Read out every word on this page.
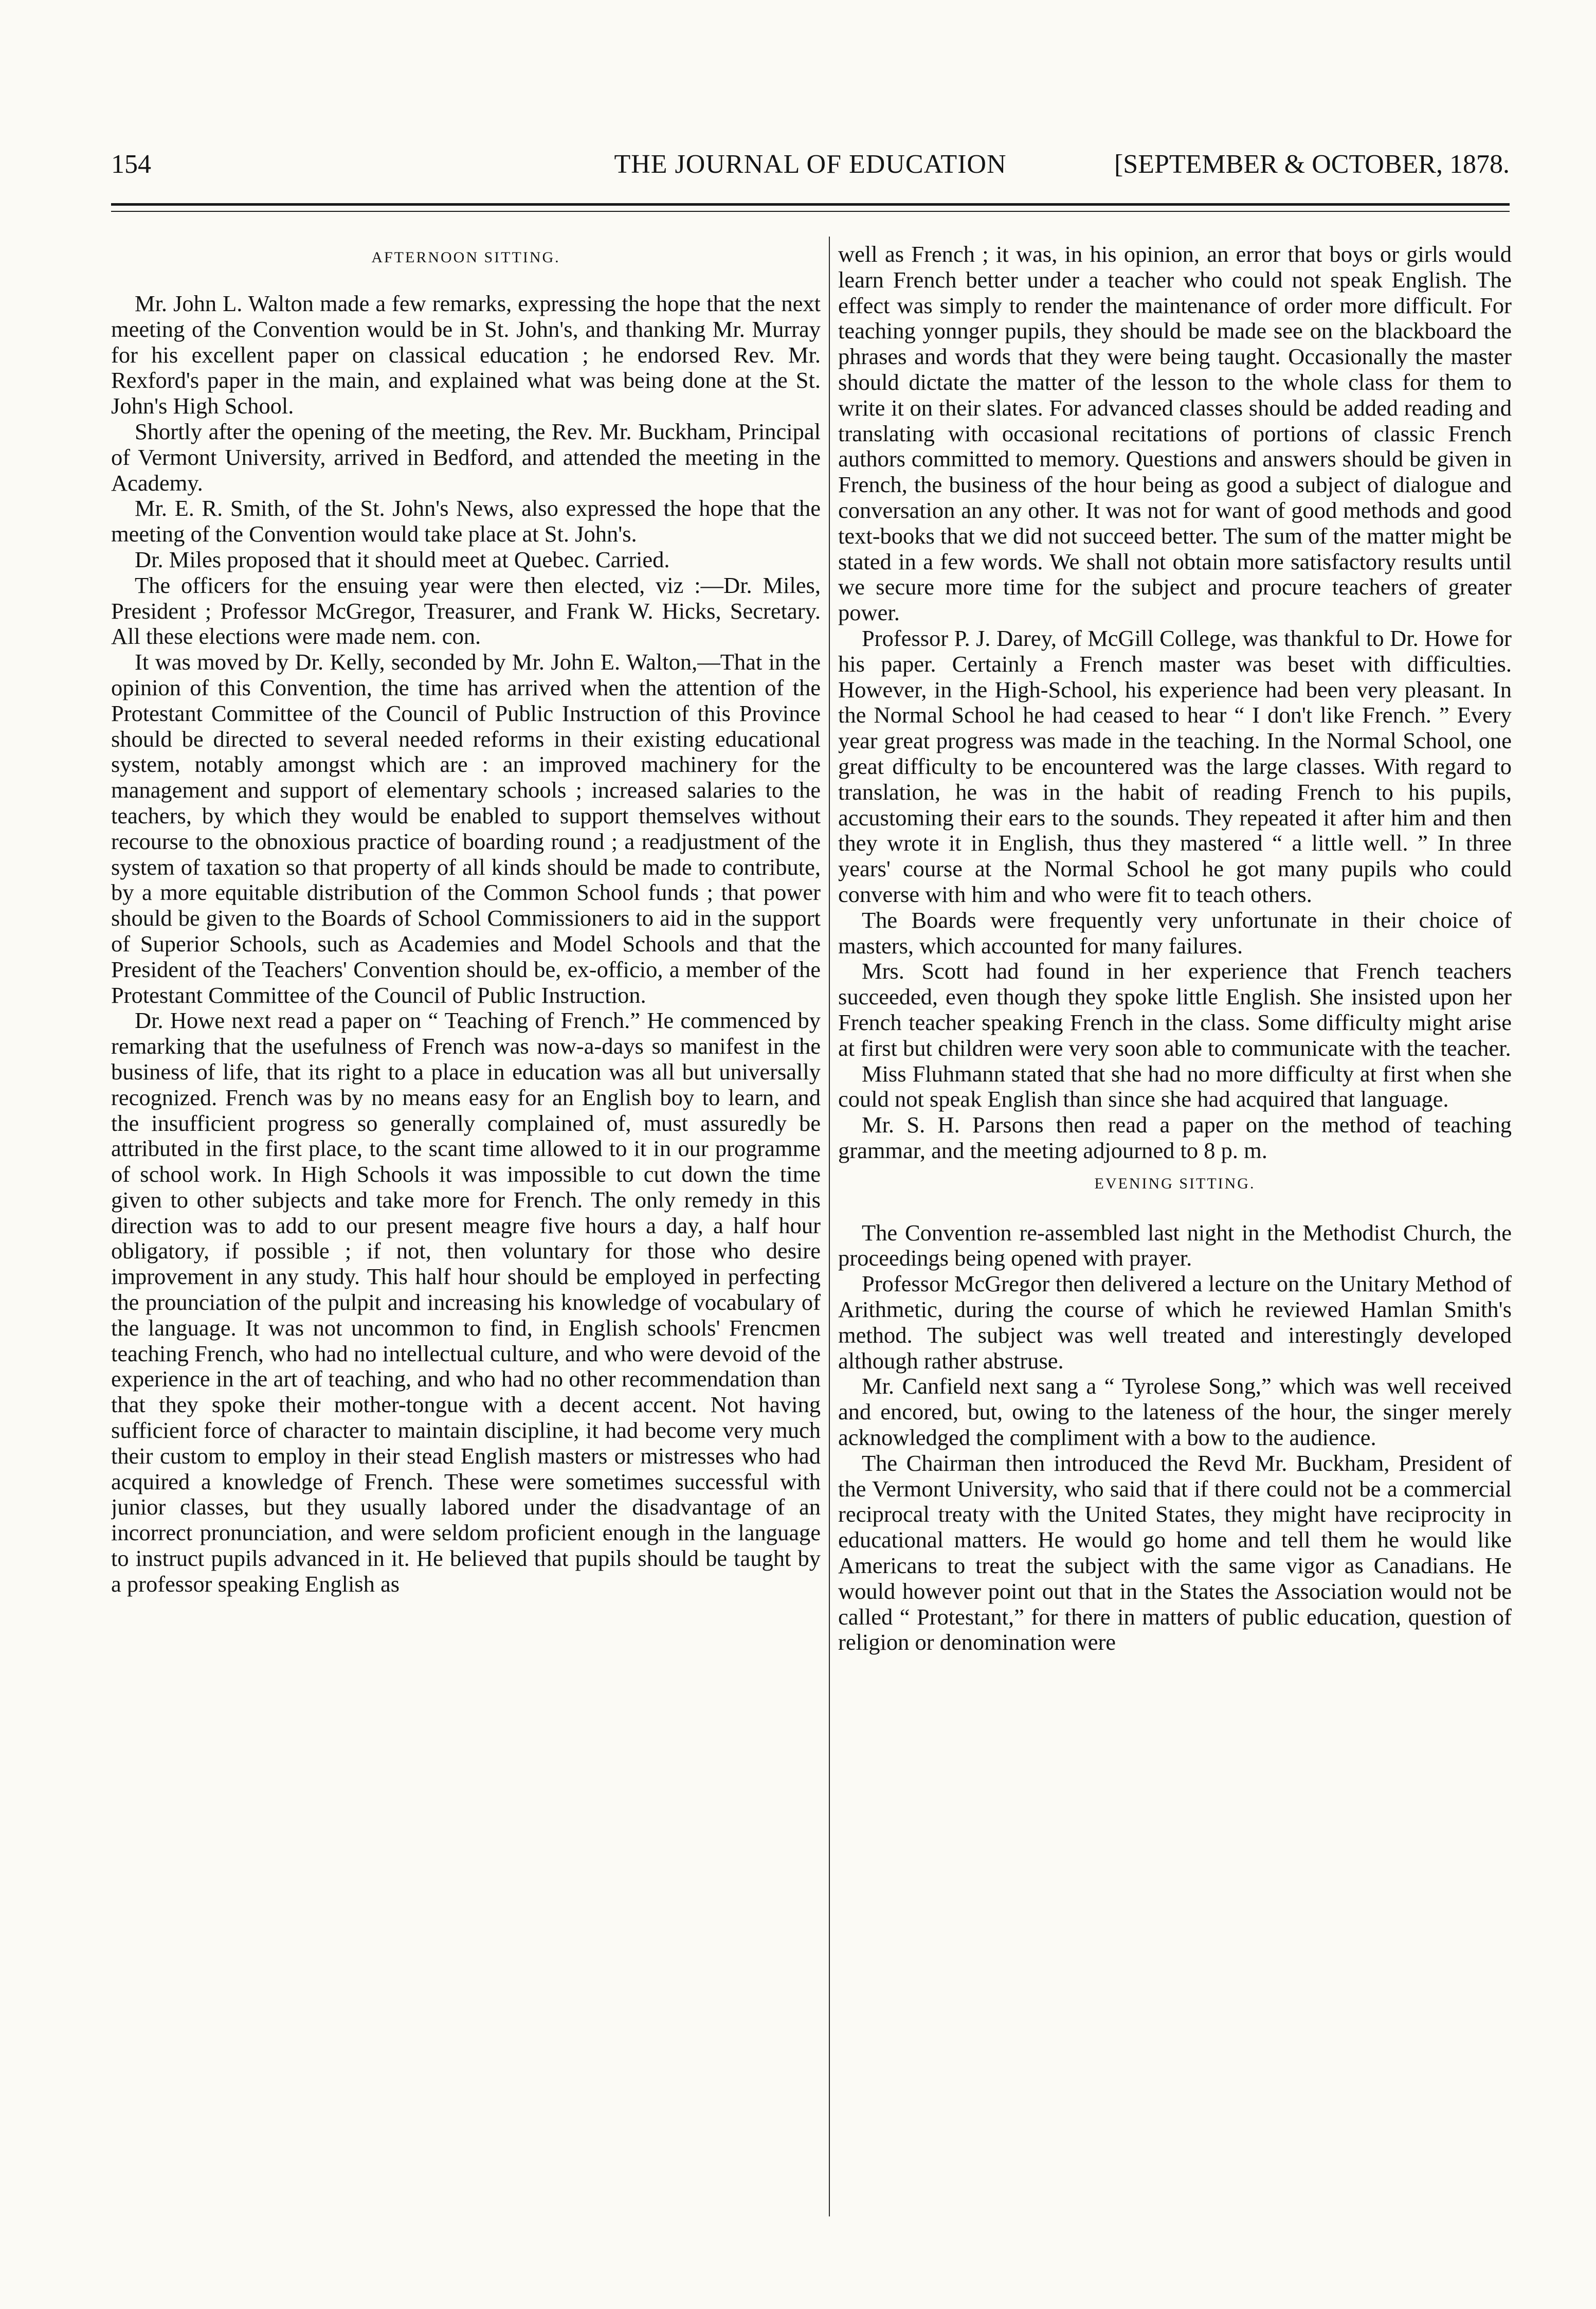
154	THE JOURNAL OF EDUCATION	[SEPTEMBER & OCTOBER, 1878.
AFTERNOON SITTING.

Mr. John L. Walton made a few remarks, expressing the hope that the next meeting of the Convention would be in St. John's, and thanking Mr. Murray for his excellent paper on classical education ; he endorsed Rev. Mr. Rexford's paper in the main, and explained what was being done at the St. John's High School.

Shortly after the opening of the meeting, the Rev. Mr. Buckham, Principal of Vermont University, arrived in Bedford, and attended the meeting in the Academy.

Mr. E. R. Smith, of the St. John's News, also expressed the hope that the meeting of the Convention would take place at St. John's.

Dr. Miles proposed that it should meet at Quebec. Carried.

The officers for the ensuing year were then elected, viz :—Dr. Miles, President ; Professor McGregor, Treasurer, and Frank W. Hicks, Secretary. All these elections were made nem. con.

It was moved by Dr. Kelly, seconded by Mr. John E. Walton,—That in the opinion of this Convention, the time has arrived when the attention of the Protestant Committee of the Council of Public Instruction of this Province should be directed to several needed reforms in their existing educational system, notably amongst which are : an improved machinery for the management and support of elementary schools ; increased salaries to the teachers, by which they would be enabled to support themselves without recourse to the obnoxious practice of boarding round ; a readjustment of the system of taxation so that property of all kinds should be made to contribute, by a more equitable distribution of the Common School funds ; that power should be given to the Boards of School Commissioners to aid in the support of Superior Schools, such as Academies and Model Schools and that the President of the Teachers' Convention should be, ex-officio, a member of the Protestant Committee of the Council of Public Instruction.

Dr. Howe next read a paper on “ Teaching of French.” He commenced by remarking that the usefulness of French was now-a-days so manifest in the business of life, that its right to a place in education was all but universally recognized. French was by no means easy for an English boy to learn, and the insufficient progress so generally complained of, must assuredly be attributed in the first place, to the scant time allowed to it in our programme of school work. In High Schools it was impossible to cut down the time given to other subjects and take more for French. The only remedy in this direction was to add to our present meagre five hours a day, a half hour obligatory, if possible ; if not, then voluntary for those who desire improvement in any study. This half hour should be employed in perfecting the prounciation of the pulpit and increasing his knowledge of vocabulary of the language. It was not uncommon to find, in English schools' Frencmen teaching French, who had no intellectual culture, and who were devoid of the experience in the art of teaching, and who had no other recommendation than that they spoke their mother-tongue with a decent accent. Not having sufficient force of character to maintain discipline, it had become very much their custom to employ in their stead English masters or mistresses who had acquired a knowledge of French. These were sometimes successful with junior classes, but they usually labored under the disadvantage of an incorrect pronunciation, and were seldom proficient enough in the language to instruct pupils advanced in it. He believed that pupils should be taught by a professor speaking English as

well as French ; it was, in his opinion, an error that boys or girls would learn French better under a teacher who could not speak English. The effect was simply to render the maintenance of order more difficult. For teaching yonnger pupils, they should be made see on the blackboard the phrases and words that they were being taught. Occasionally the master should dictate the matter of the lesson to the whole class for them to write it on their slates. For advanced classes should be added reading and translating with occasional recitations of portions of classic French authors committed to memory. Questions and answers should be given in French, the business of the hour being as good a subject of dialogue and conversation an any other. It was not for want of good methods and good text-books that we did not succeed better. The sum of the matter might be stated in a few words. We shall not obtain more satisfactory results until we secure more time for the subject and procure teachers of greater power.

Professor P. J. Darey, of McGill College, was thankful to Dr. Howe for his paper. Certainly a French master was beset with difficulties. However, in the High-School, his experience had been very pleasant. In the Normal School he had ceased to hear “ I don't like French. ” Every year great progress was made in the teaching. In the Normal School, one great difficulty to be encountered was the large classes. With regard to translation, he was in the habit of reading French to his pupils, accustoming their ears to the sounds. They repeated it after him and then they wrote it in English, thus they mastered “ a little well. ” In three years' course at the Normal School he got many pupils who could converse with him and who were fit to teach others.

The Boards were frequently very unfortunate in their choice of masters, which accounted for many failures.

Mrs. Scott had found in her experience that French teachers succeeded, even though they spoke little English. She insisted upon her French teacher speaking French in the class. Some difficulty might arise at first but children were very soon able to communicate with the teacher.

Miss Fluhmann stated that she had no more difficulty at first when she could not speak English than since she had acquired that language.

Mr. S. H. Parsons then read a paper on the method of teaching grammar, and the meeting adjourned to 8 p. m.

EVENING SITTING.

The Convention re-assembled last night in the Methodist Church, the proceedings being opened with prayer.

Professor McGregor then delivered a lecture on the Unitary Method of Arithmetic, during the course of which he reviewed Hamlan Smith's method. The subject was well treated and interestingly developed although rather abstruse.

Mr. Canfield next sang a “ Tyrolese Song,” which was well received and encored, but, owing to the lateness of the hour, the singer merely acknowledged the compliment with a bow to the audience.

The Chairman then introduced the Revd Mr. Buckham, President of the Vermont University, who said that if there could not be a commercial reciprocal treaty with the United States, they might have reciprocity in educational matters. He would go home and tell them he would like Americans to treat the subject with the same vigor as Canadians. He would however point out that in the States the Association would not be called “ Protestant,” for there in matters of public education, question of religion or denomination were
